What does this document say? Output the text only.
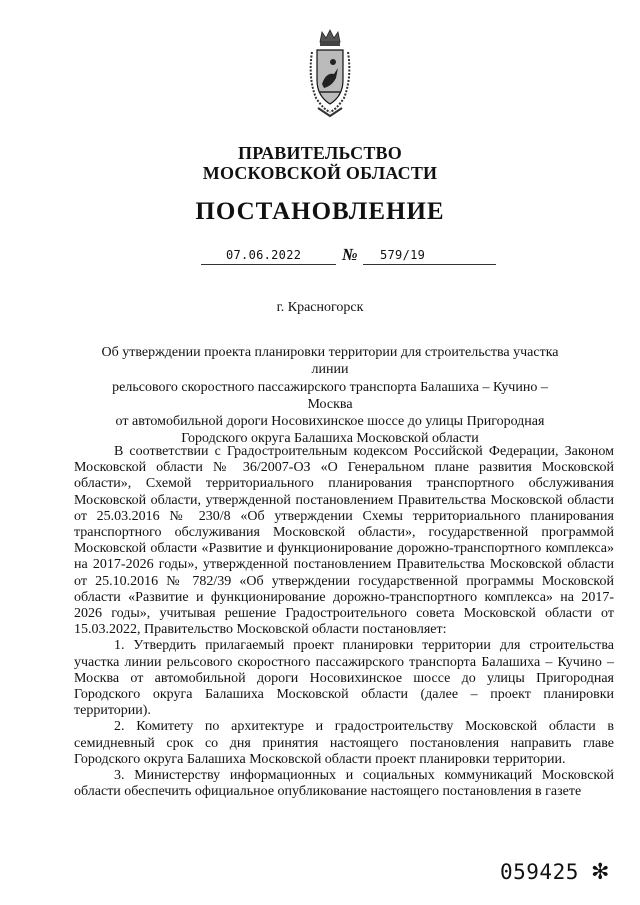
ПРАВИТЕЛЬСТВО
МОСКОВСКОЙ ОБЛАСТИ
ПОСТАНОВЛЕНИЕ
07.06.2022 № 579/19
г. Красногорск
Об утверждении проекта планировки территории для строительства участка линии
рельсового скоростного пассажирского транспорта Балашиха – Кучино – Москва
от автомобильной дороги Носовихинское шоссе до улицы Пригородная
Городского округа Балашиха Московской области

В соответствии с Градостроительным кодексом Российской Федерации, Законом Московской области № 36/2007-ОЗ «О Генеральном плане развития Московской области», Схемой территориального планирования транспортного обслуживания Московской области, утвержденной постановлением Правительства Московской области от 25.03.2016 № 230/8 «Об утверждении Схемы территориального планирования транспортного обслуживания Московской области», государственной программой Московской области «Развитие и функционирование дорожно-транспортного комплекса» на 2017-2026 годы», утвержденной постановлением Правительства Московской области от 25.10.2016 № 782/39 «Об утверждении государственной программы Московской области «Развитие и функционирование дорожно-транспортного комплекса» на 2017-2026 годы», учитывая решение Градостроительного совета Московской области от 15.03.2022, Правительство Московской области постановляет:

1. Утвердить прилагаемый проект планировки территории для строительства участка линии рельсового скоростного пассажирского транспорта Балашиха – Кучино – Москва от автомобильной дороги Носовихинское шоссе до улицы Пригородная Городского округа Балашиха Московской области (далее – проект планировки территории).

2. Комитету по архитектуре и градостроительству Московской области в семидневный срок со дня принятия настоящего постановления направить главе Городского округа Балашиха Московской области проект планировки территории.

3. Министерству информационных и социальных коммуникаций Московской области обеспечить официальное опубликование настоящего постановления в газете

059425 ✻
